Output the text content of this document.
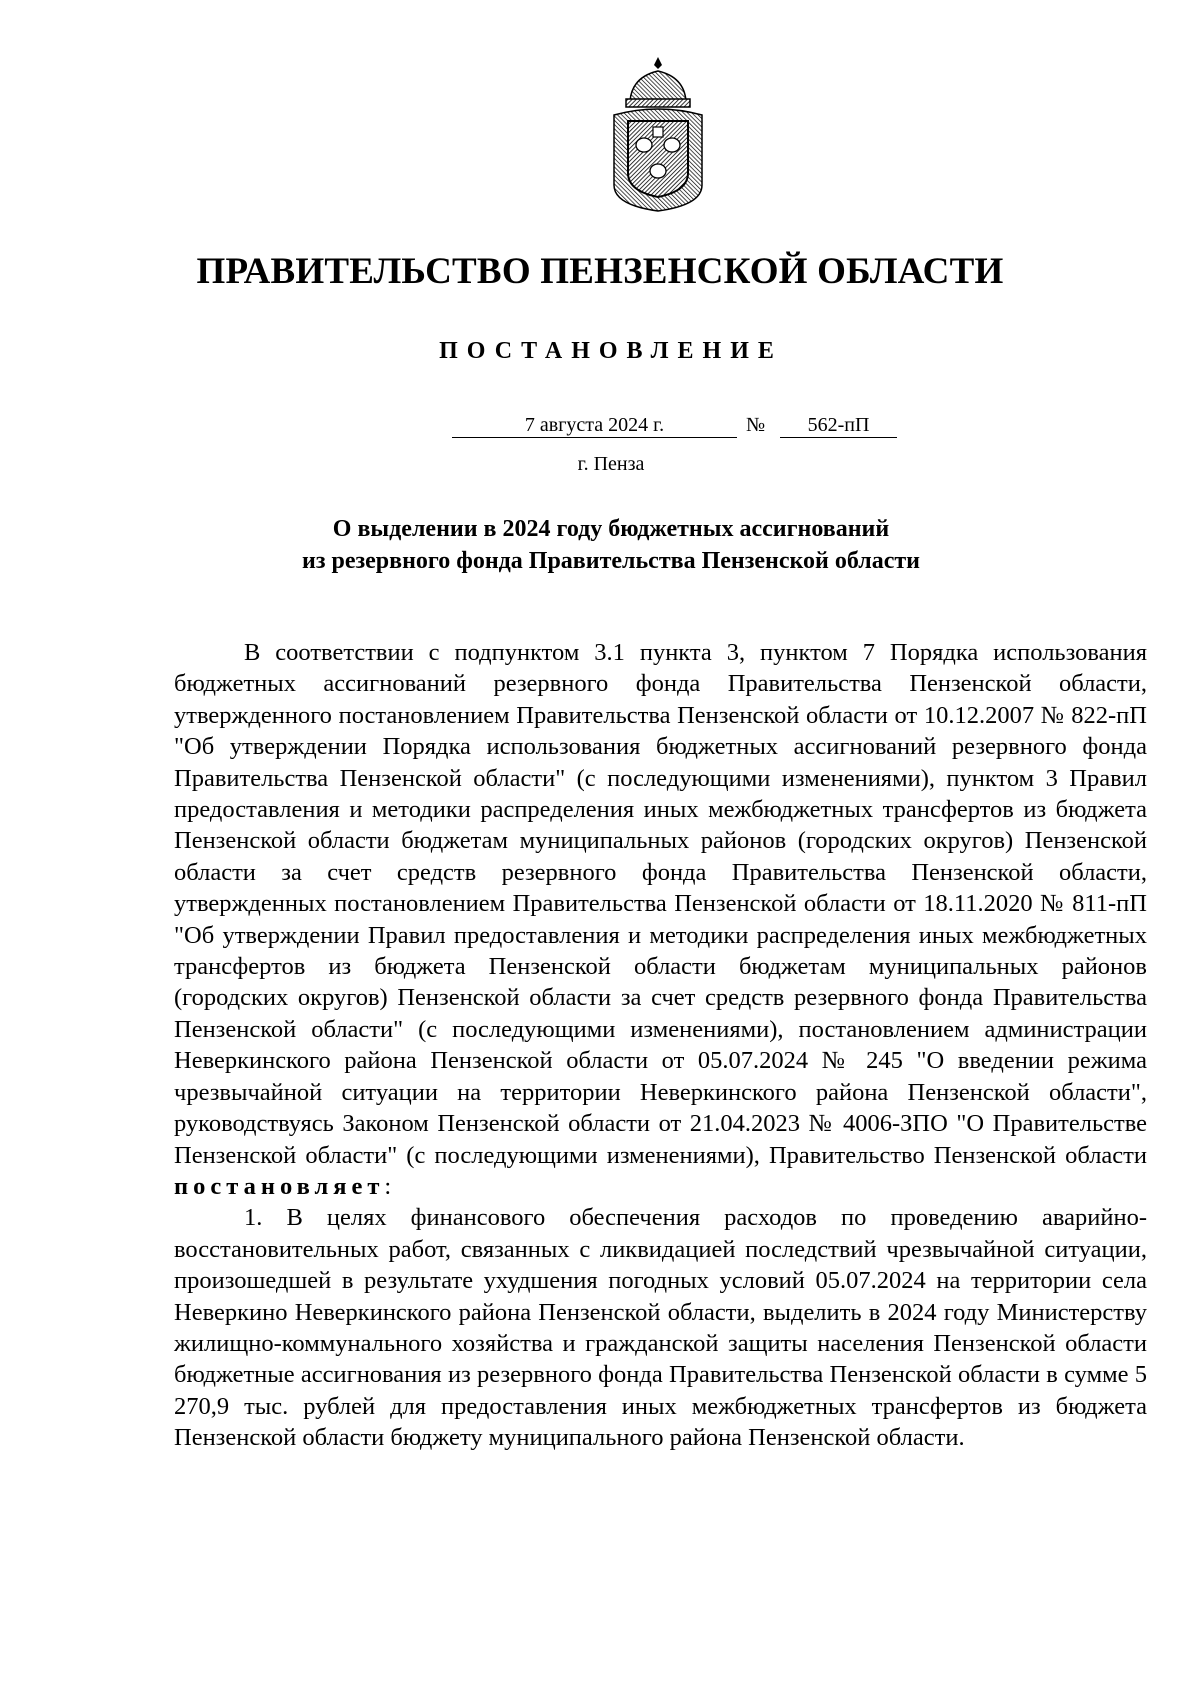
ПРАВИТЕЛЬСТВО ПЕНЗЕНСКОЙ ОБЛАСТИ
ПОСТАНОВЛЕНИЕ
7 августа 2024 г.	№	562-пП
г. Пенза
О выделении в 2024 году бюджетных ассигнований
из резервного фонда Правительства Пензенской области

В соответствии с подпунктом 3.1 пункта 3, пунктом 7 Порядка использования бюджетных ассигнований резервного фонда Правительства Пензенской области, утвержденного постановлением Правительства Пензенской области от 10.12.2007 № 822-пП "Об утверждении Порядка использования бюджетных ассигнований резервного фонда Правительства Пензенской области" (с последующими изменениями), пунктом 3 Правил предоставления и методики распределения иных межбюджетных трансфертов из бюджета Пензенской области бюджетам муниципальных районов (городских округов) Пензенской области за счет средств резервного фонда Правительства Пензенской области, утвержденных постановлением Правительства Пензенской области от 18.11.2020 № 811-пП "Об утверждении Правил предоставления и методики распределения иных межбюджетных трансфертов из бюджета Пензенской области бюджетам муниципальных районов (городских округов) Пензенской области за счет средств резервного фонда Правительства Пензенской области" (с последующими изменениями), постановлением администрации Неверкинского района Пензенской области от 05.07.2024 № 245 "О введении режима чрезвычайной ситуации на территории Неверкинского района Пензенской области", руководствуясь Законом Пензенской области от 21.04.2023 № 4006-ЗПО "О Правительстве Пензенской области" (с последующими изменениями), Правительство Пензенской области постановляет:

1. В целях финансового обеспечения расходов по проведению аварийно-восстановительных работ, связанных с ликвидацией последствий чрезвычайной ситуации, произошедшей в результате ухудшения погодных условий 05.07.2024 на территории села Неверкино Неверкинского района Пензенской области, выделить в 2024 году Министерству жилищно-коммунального хозяйства и гражданской защиты населения Пензенской области бюджетные ассигнования из резервного фонда Правительства Пензенской области в сумме 5 270,9 тыс. рублей для предоставления иных межбюджетных трансфертов из бюджета Пензенской области бюджету муниципального района Пензенской области.
